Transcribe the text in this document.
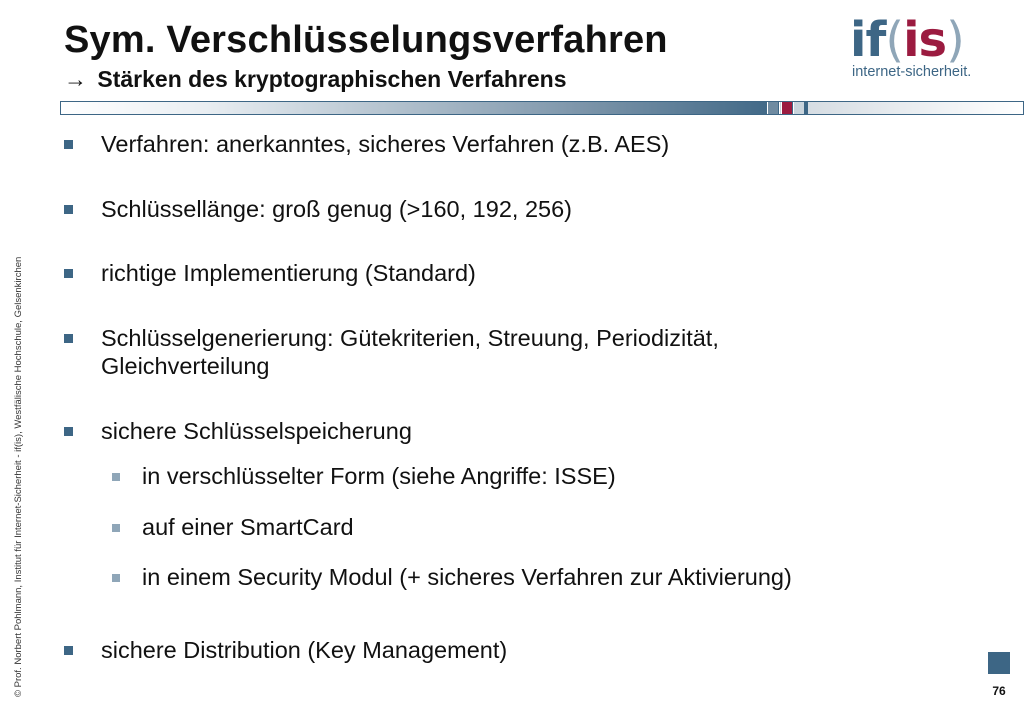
© Prof. Norbert Pohlmann, Institut für Internet-Sicherheit - if(is), Westfälische Hochschule, Gelsenkirchen
Sym. Verschlüsselungsverfahren
→ Stärken des kryptographischen Verfahrens
if(is)
internet-sicherheit.
Verfahren: anerkanntes, sicheres Verfahren (z.B. AES)
Schlüssellänge: groß genug (>160, 192, 256)
richtige Implementierung (Standard)
Schlüsselgenerierung: Gütekriterien, Streuung, Periodizität,
Gleichverteilung
sichere Schlüsselspeicherung
in verschlüsselter Form (siehe Angriffe: ISSE)
auf einer SmartCard
in einem Security Modul (+ sicheres Verfahren zur Aktivierung)
sichere Distribution (Key Management)
76
